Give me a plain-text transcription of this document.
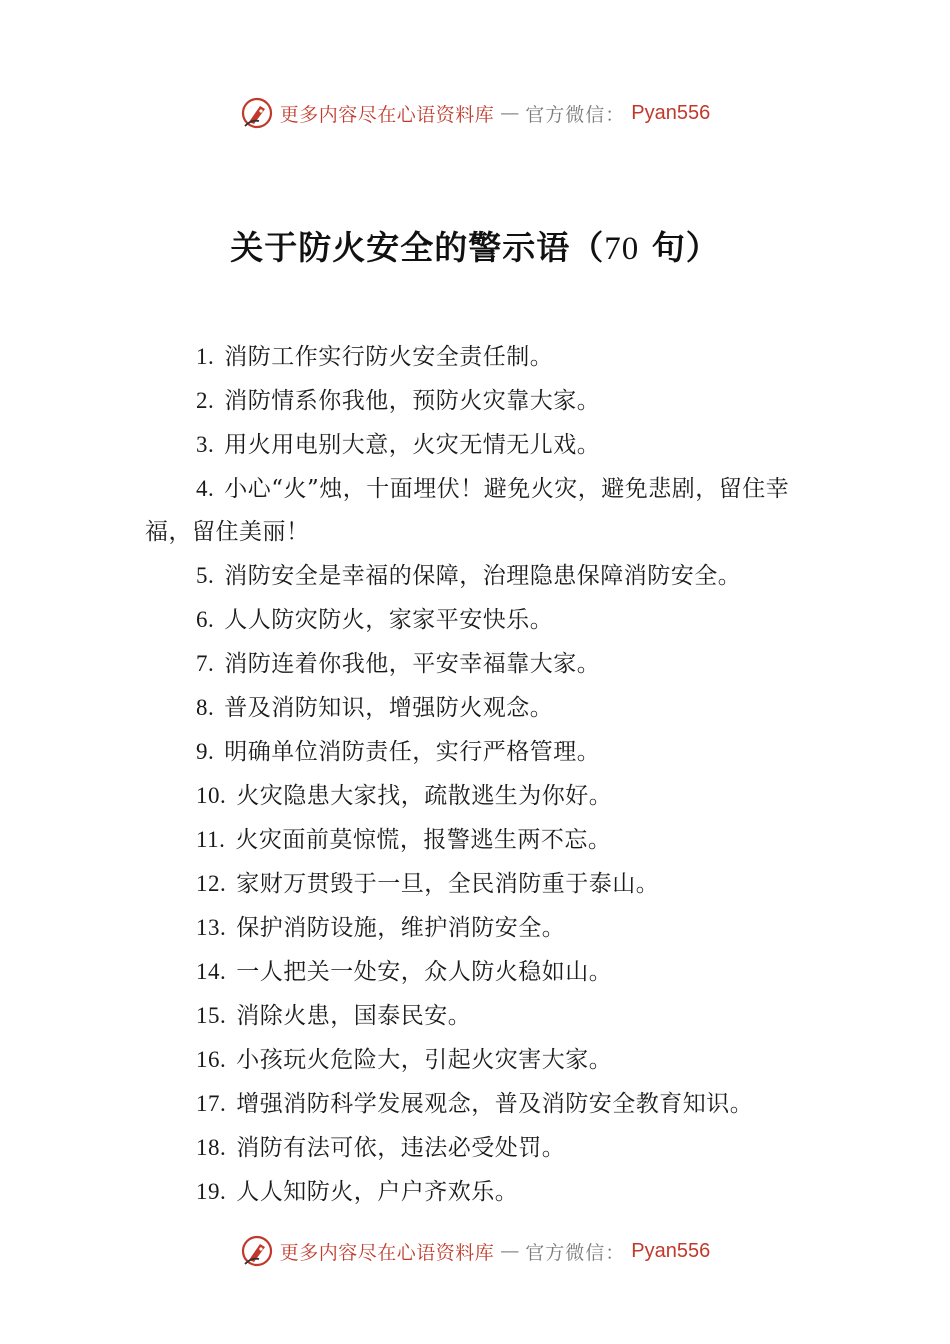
更多内容尽在心语资料库 — 官方微信： Pyan556
关于防火安全的警示语（70 句）
1. 消防工作实行防火安全责任制。
2. 消防情系你我他，预防火灾靠大家。
3. 用火用电别大意，火灾无情无儿戏。
4. 小心“火”烛，十面埋伏！避免火灾，避免悲剧，留住幸福，留住美丽！
5. 消防安全是幸福的保障，治理隐患保障消防安全。
6. 人人防灾防火，家家平安快乐。
7. 消防连着你我他，平安幸福靠大家。
8. 普及消防知识，增强防火观念。
9. 明确单位消防责任，实行严格管理。
10. 火灾隐患大家找，疏散逃生为你好。
11. 火灾面前莫惊慌，报警逃生两不忘。
12. 家财万贯毁于一旦，全民消防重于泰山。
13. 保护消防设施，维护消防安全。
14. 一人把关一处安，众人防火稳如山。
15. 消除火患，国泰民安。
16. 小孩玩火危险大，引起火灾害大家。
17. 增强消防科学发展观念，普及消防安全教育知识。
18. 消防有法可依，违法必受处罚。
19. 人人知防火，户户齐欢乐。
更多内容尽在心语资料库 — 官方微信： Pyan556
